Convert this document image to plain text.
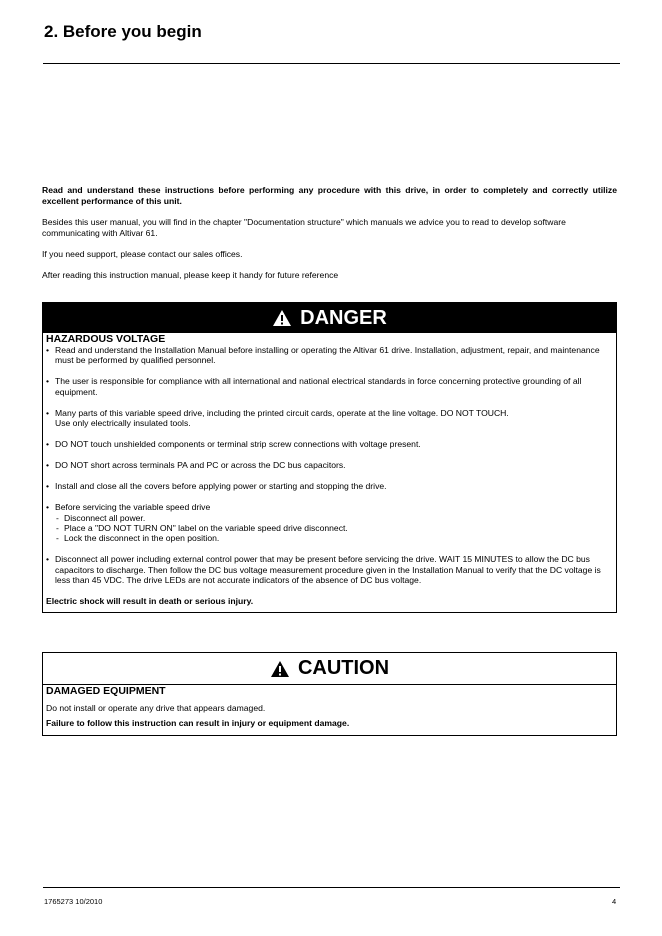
2. Before you begin

Read and understand these instructions before performing any procedure with this drive, in order to completely and correctly utilize excellent performance of this unit.

Besides this user manual, you will find in the chapter "Documentation structure" which manuals we advice you to read to develop software communicating with Altivar 61.

If you need support, please contact our sales offices.

After reading this instruction manual, please keep it handy for future reference

DANGER
HAZARDOUS VOLTAGE
• Read and understand the Installation Manual before installing or operating the Altivar 61 drive. Installation, adjustment, repair, and maintenance must be performed by qualified personnel.
• The user is responsible for compliance with all international and national electrical standards in force concerning protective grounding of all equipment.
• Many parts of this variable speed drive, including the printed circuit cards, operate at the line voltage. DO NOT TOUCH.
Use only electrically insulated tools.
• DO NOT touch unshielded components or terminal strip screw connections with voltage present.
• DO NOT short across terminals PA and PC or across the DC bus capacitors.
• Install and close all the covers before applying power or starting and stopping the drive.
• Before servicing the variable speed drive
- Disconnect all power.
- Place a "DO NOT TURN ON" label on the variable speed drive disconnect.
- Lock the disconnect in the open position.
• Disconnect all power including external control power that may be present before servicing the drive. WAIT 15 MINUTES to allow the DC bus capacitors to discharge. Then follow the DC bus voltage measurement procedure given in the Installation Manual to verify that the DC voltage is less than 45 VDC. The drive LEDs are not accurate indicators of the absence of DC bus voltage.
Electric shock will result in death or serious injury.
CAUTION
DAMAGED EQUIPMENT

Do not install or operate any drive that appears damaged.

Failure to follow this instruction can result in injury or equipment damage.

1765273 10/2010	4
